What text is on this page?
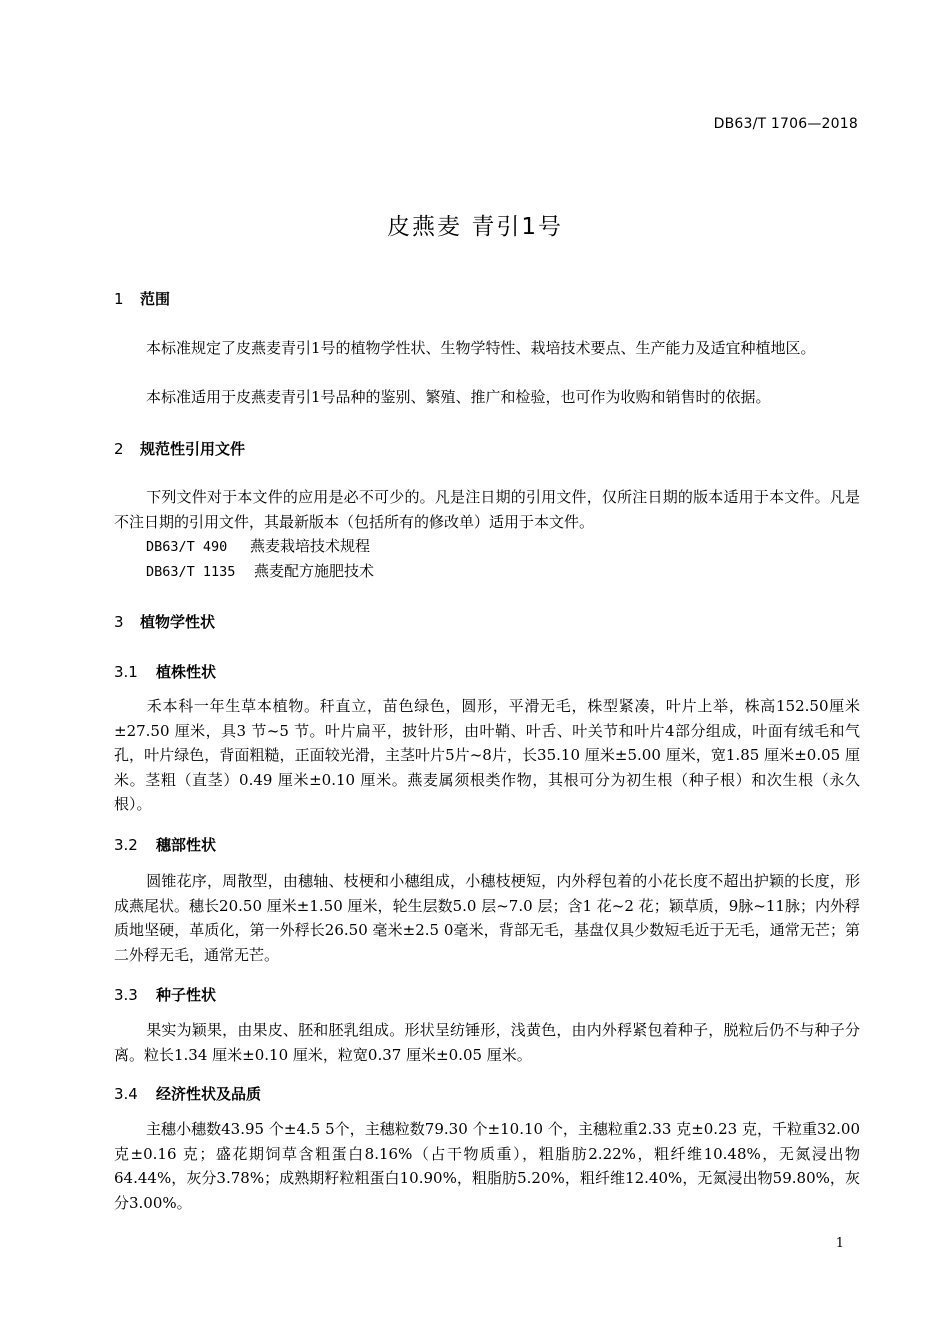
DB63/T 1706—2018
皮燕麦 青引1号
1 范围
本标准规定了皮燕麦青引1号的植物学性状、生物学特性、栽培技术要点、生产能力及适宜种植地区。
本标准适用于皮燕麦青引1号品种的鉴别、繁殖、推广和检验，也可作为收购和销售时的依据。
2 规范性引用文件
下列文件对于本文件的应用是必不可少的。凡是注日期的引用文件，仅所注日期的版本适用于本文件。凡是不注日期的引用文件，其最新版本（包括所有的修改单）适用于本文件。
DB63/T 490 燕麦栽培技术规程
DB63/T 1135 燕麦配方施肥技术
3 植物学性状
3.1 植株性状
禾本科一年生草本植物。秆直立，苗色绿色，圆形，平滑无毛，株型紧凑，叶片上举，株高152.50厘米±27.50 厘米，具3 节~5 节。叶片扁平，披针形，由叶鞘、叶舌、叶关节和叶片4部分组成，叶面有绒毛和气孔，叶片绿色，背面粗糙，正面较光滑，主茎叶片5片~8片，长35.10 厘米±5.00 厘米，宽1.85 厘米±0.05 厘米。茎粗（直茎）0.49 厘米±0.10 厘米。燕麦属须根类作物，其根可分为初生根（种子根）和次生根（永久根）。
3.2 穗部性状
圆锥花序，周散型，由穗轴、枝梗和小穗组成，小穗枝梗短，内外稃包着的小花长度不超出护颖的长度，形成燕尾状。穗长20.50 厘米±1.50 厘米，轮生层数5.0 层~7.0 层；含1 花~2 花；颖草质，9脉~11脉；内外稃质地坚硬，革质化，第一外稃长26.50 毫米±2.5 0毫米，背部无毛，基盘仅具少数短毛近于无毛，通常无芒；第二外稃无毛，通常无芒。
3.3 种子性状
果实为颖果，由果皮、胚和胚乳组成。形状呈纺锤形，浅黄色，由内外稃紧包着种子，脱粒后仍不与种子分离。粒长1.34 厘米±0.10 厘米，粒宽0.37 厘米±0.05 厘米。
3.4 经济性状及品质
主穗小穗数43.95 个±4.5 5个，主穗粒数79.30 个±10.10 个，主穗粒重2.33 克±0.23 克，千粒重32.00 克±0.16 克；盛花期饲草含粗蛋白8.16%（占干物质重），粗脂肪2.22%，粗纤维10.48%，无氮浸出物64.44%，灰分3.78%；成熟期籽粒粗蛋白10.90%，粗脂肪5.20%，粗纤维12.40%，无氮浸出物59.80%，灰分3.00%。
1
